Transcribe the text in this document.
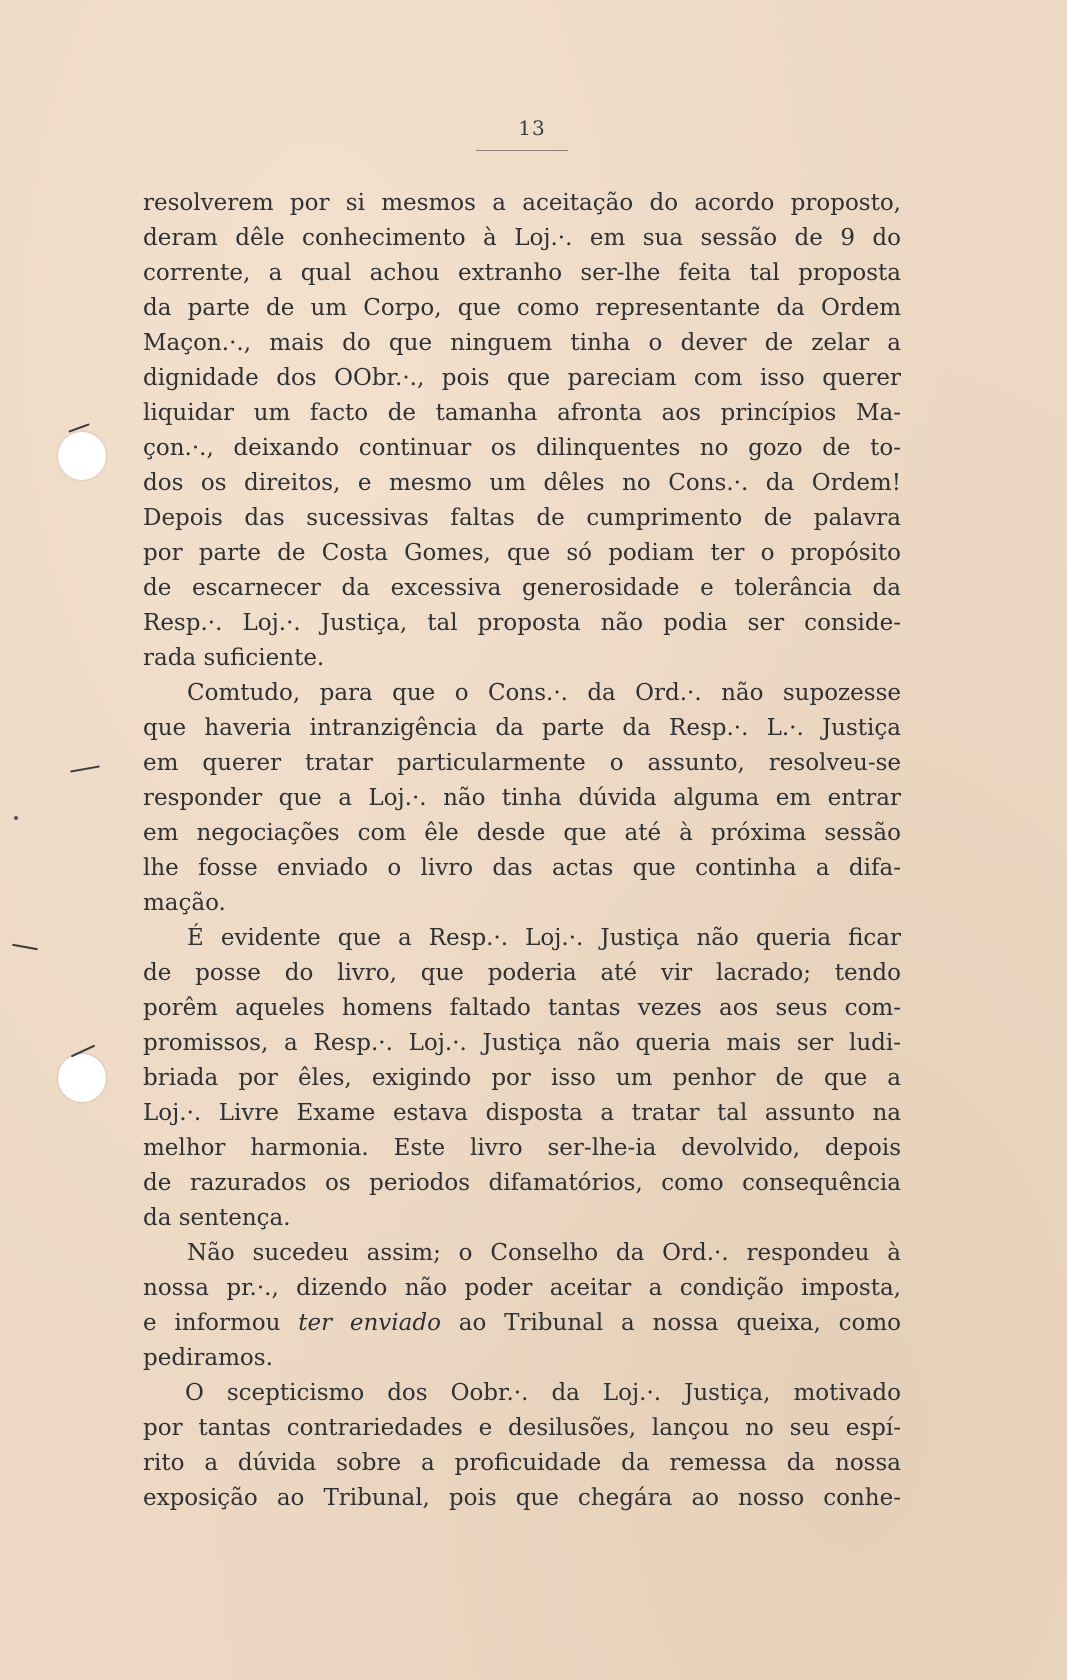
13
resolverem por si mesmos a aceitação do acordo proposto,
deram dêle conhecimento à Loj.·. em sua sessão de 9 do
corrente, a qual achou extranho ser-lhe feita tal proposta
da parte de um Corpo, que como representante da Ordem
Maçon.·., mais do que ninguem tinha o dever de zelar a
dignidade dos OObr.·., pois que pareciam com isso querer
liquidar um facto de tamanha afronta aos princípios Ma-
çon.·., deixando continuar os dilinquentes no gozo de to-
dos os direitos, e mesmo um dêles no Cons.·. da Ordem!
Depois das sucessivas faltas de cumprimento de palavra
por parte de Costa Gomes, que só podiam ter o propósito
de escarnecer da excessiva generosidade e tolerância da
Resp.·. Loj.·. Justiça, tal proposta não podia ser conside-
rada suficiente.
Comtudo, para que o Cons.·. da Ord.·. não supozesse
que haveria intranzigência da parte da Resp.·. L.·. Justiça
em querer tratar particularmente o assunto, resolveu-se
responder que a Loj.·. não tinha dúvida alguma em entrar
em negociações com êle desde que até à próxima sessão
lhe fosse enviado o livro das actas que continha a difa-
mação.
É evidente que a Resp.·. Loj.·. Justiça não queria ficar
de posse do livro, que poderia até vir lacrado; tendo
porêm aqueles homens faltado tantas vezes aos seus com-
promissos, a Resp.·. Loj.·. Justiça não queria mais ser ludi-
briada por êles, exigindo por isso um penhor de que a
Loj.·. Livre Exame estava disposta a tratar tal assunto na
melhor harmonia. Este livro ser-lhe-ia devolvido, depois
de razurados os periodos difamatórios, como consequência
da sentença.
Não sucedeu assim; o Conselho da Ord.·. respondeu à
nossa pr.·., dizendo não poder aceitar a condição imposta,
e informou ter enviado ao Tribunal a nossa queixa, como
pediramos.
O scepticismo dos Oobr.·. da Loj.·. Justiça, motivado
por tantas contrariedades e desilusões, lançou no seu espí-
rito a dúvida sobre a proficuidade da remessa da nossa
exposição ao Tribunal, pois que chegára ao nosso conhe-
